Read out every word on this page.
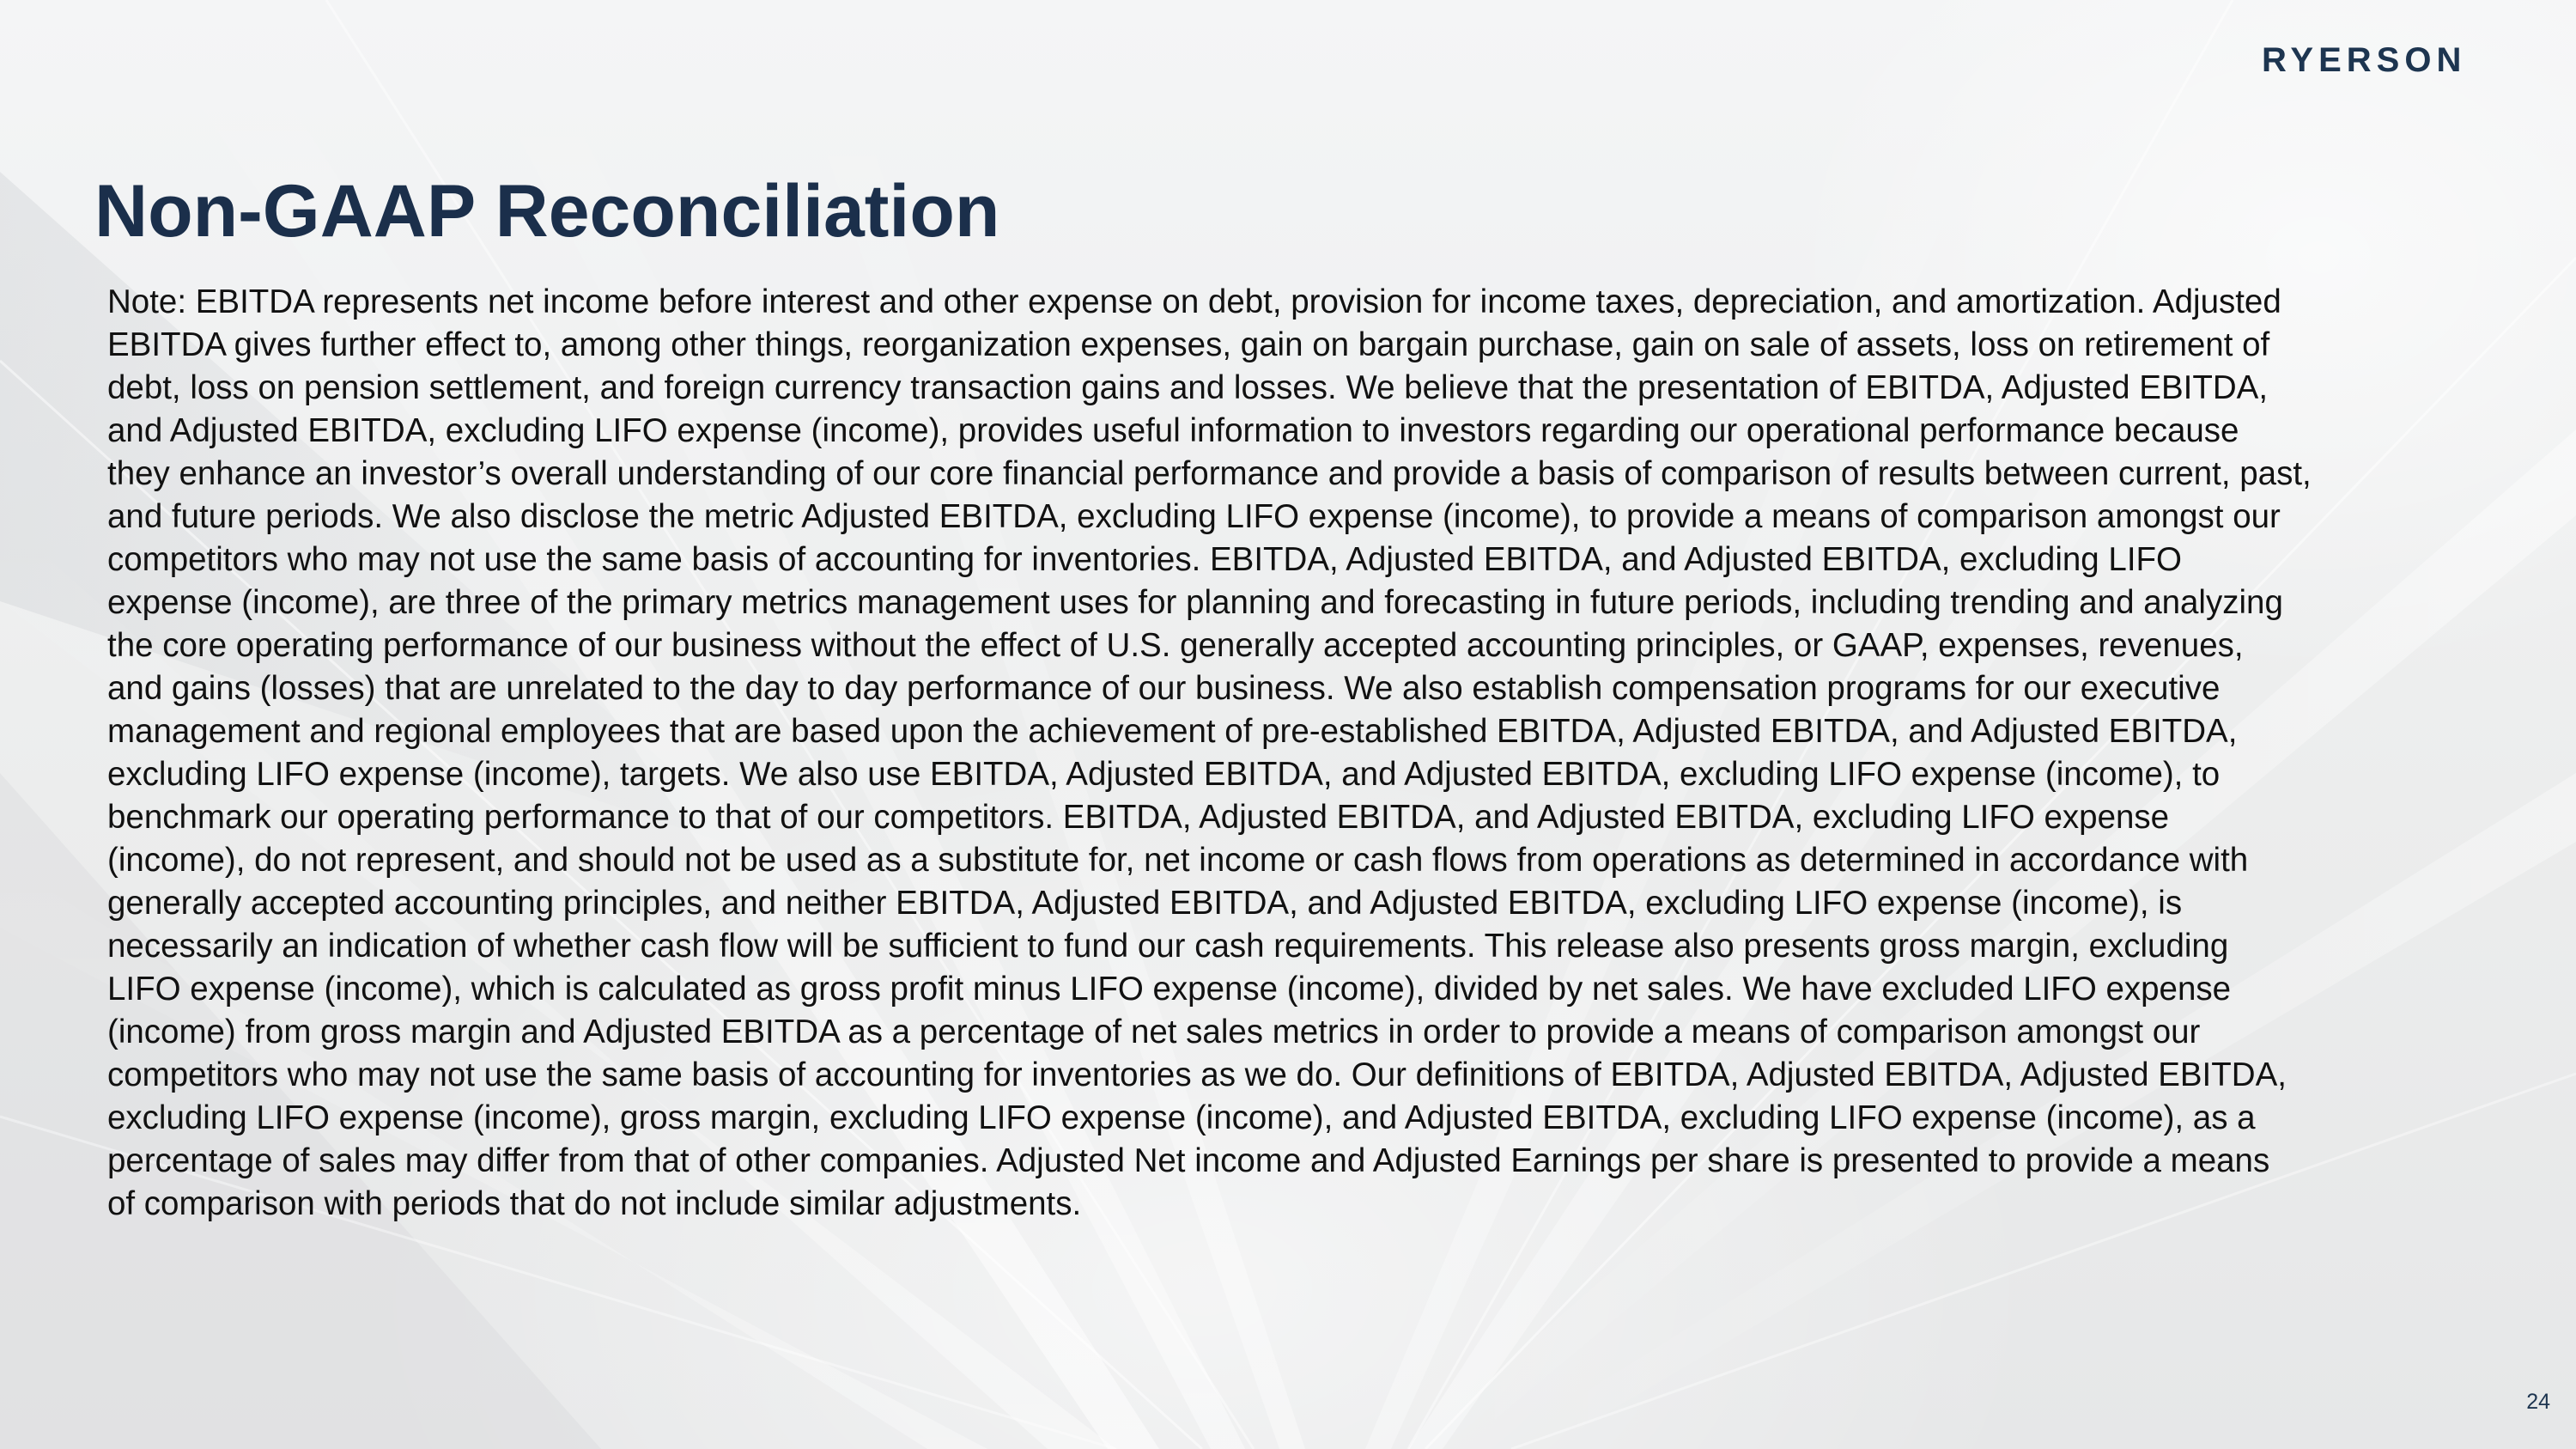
RYERSON
Non-GAAP Reconciliation
Note: EBITDA represents net income before interest and other expense on debt, provision for income taxes, depreciation, and amortization. Adjusted
EBITDA gives further effect to, among other things, reorganization expenses, gain on bargain purchase, gain on sale of assets, loss on retirement of
debt, loss on pension settlement, and foreign currency transaction gains and losses. We believe that the presentation of EBITDA, Adjusted EBITDA,
and Adjusted EBITDA, excluding LIFO expense (income), provides useful information to investors regarding our operational performance because
they enhance an investor’s overall understanding of our core financial performance and provide a basis of comparison of results between current, past,
and future periods. We also disclose the metric Adjusted EBITDA, excluding LIFO expense (income), to provide a means of comparison amongst our
competitors who may not use the same basis of accounting for inventories. EBITDA, Adjusted EBITDA, and Adjusted EBITDA, excluding LIFO
expense (income), are three of the primary metrics management uses for planning and forecasting in future periods, including trending and analyzing
the core operating performance of our business without the effect of U.S. generally accepted accounting principles, or GAAP, expenses, revenues,
and gains (losses) that are unrelated to the day to day performance of our business. We also establish compensation programs for our executive
management and regional employees that are based upon the achievement of pre-established EBITDA, Adjusted EBITDA, and Adjusted EBITDA,
excluding LIFO expense (income), targets. We also use EBITDA, Adjusted EBITDA, and Adjusted EBITDA, excluding LIFO expense (income), to
benchmark our operating performance to that of our competitors. EBITDA, Adjusted EBITDA, and Adjusted EBITDA, excluding LIFO expense
(income), do not represent, and should not be used as a substitute for, net income or cash flows from operations as determined in accordance with
generally accepted accounting principles, and neither EBITDA, Adjusted EBITDA, and Adjusted EBITDA, excluding LIFO expense (income), is
necessarily an indication of whether cash flow will be sufficient to fund our cash requirements. This release also presents gross margin, excluding
LIFO expense (income), which is calculated as gross profit minus LIFO expense (income), divided by net sales. We have excluded LIFO expense
(income) from gross margin and Adjusted EBITDA as a percentage of net sales metrics in order to provide a means of comparison amongst our
competitors who may not use the same basis of accounting for inventories as we do. Our definitions of EBITDA, Adjusted EBITDA, Adjusted EBITDA,
excluding LIFO expense (income), gross margin, excluding LIFO expense (income), and Adjusted EBITDA, excluding LIFO expense (income), as a
percentage of sales may differ from that of other companies. Adjusted Net income and Adjusted Earnings per share is presented to provide a means
of comparison with periods that do not include similar adjustments.
24
